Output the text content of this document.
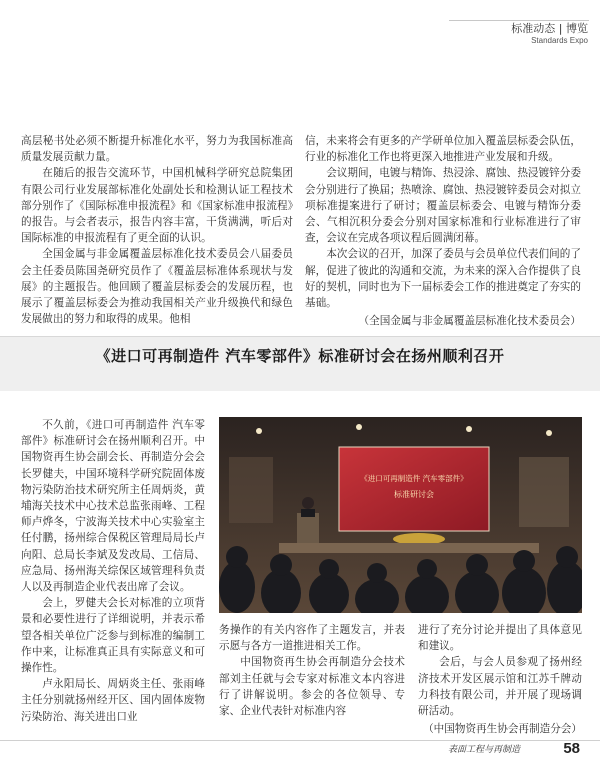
标准动态 | 博览
Standards Expo

高层秘书处必须不断提升标准化水平，努力为我国标准高质量发展贡献力量。

在随后的报告交流环节，中国机械科学研究总院集团有限公司行业发展部标准化处副处长和检测认证工程技术部分别作了《国际标准申报流程》和《国家标准申报流程》的报告。与会者表示，报告内容丰富，干货满满，听后对国际标准的申报流程有了更全面的认识。

全国金属与非金属覆盖层标准化技术委员会八届委员会主任委员陈国尧研究员作了《覆盖层标准体系现状与发展》的主题报告。他回顾了覆盖层标委会的发展历程，也展示了覆盖层标委会为推动我国相关产业升级换代和绿色发展做出的努力和取得的成果。他相

信，未来将会有更多的产学研单位加入覆盖层标委会队伍，行业的标准化工作也将更深入地推进产业发展和升级。

会议期间，电镀与精饰、热浸涂、腐蚀、热浸镀锌分委会分别进行了换届；热喷涂、腐蚀、热浸镀锌委员会对拟立项标准提案进行了研讨；覆盖层标委会、电镀与精饰分委会、气相沉积分委会分别对国家标准和行业标准进行了审查，会议在完成各项议程后圆满闭幕。

本次会议的召开，加深了委员与会员单位代表们间的了解，促进了彼此的沟通和交流，为未来的深入合作提供了良好的契机，同时也为下一届标委会工作的推进奠定了夯实的基础。

（全国金属与非金属覆盖层标准化技术委员会）

《进口可再制造件 汽车零部件》标准研讨会在扬州顺利召开

不久前，《进口可再制造件 汽车零部件》标准研讨会在扬州顺利召开。中国物资再生协会副会长、再制造分会会长罗健夫，中国环境科学研究院固体废物污染防治技术研究所主任周炳炎，黄埔海关技术中心技术总监张雨峰、工程师卢烨冬，宁波海关技术中心实验室主任付鹏，扬州综合保税区管理局局长卢向阳、总局长李斌及发改局、工信局、应急局、扬州海关综保区域管理科负责人以及再制造企业代表出席了会议。

会上，罗健夫会长对标准的立项背景和必要性进行了详细说明，并表示希望各相关单位广泛参与到标准的编制工作中来，让标准真正具有实际意义和可操作性。

卢永阳局长、周炳炎主任、张雨峰主任分别就扬州经开区、国内固体废物污染防治、海关进出口业

《进口可再制造件 汽车零部件》
标准研讨会

务操作的有关内容作了主题发言，并表示愿与各方一道推进相关工作。

中国物资再生协会再制造分会技术部刘主任就与会专家对标准文本内容进行了讲解说明。参会的各位领导、专家、企业代表针对标准内容

进行了充分讨论并提出了具体意见和建议。

会后，与会人员参观了扬州经济技术开发区展示馆和江苏千牌动力科技有限公司，并开展了现场调研活动。

（中国物资再生协会再制造分会）

表面工程与再制造	58
